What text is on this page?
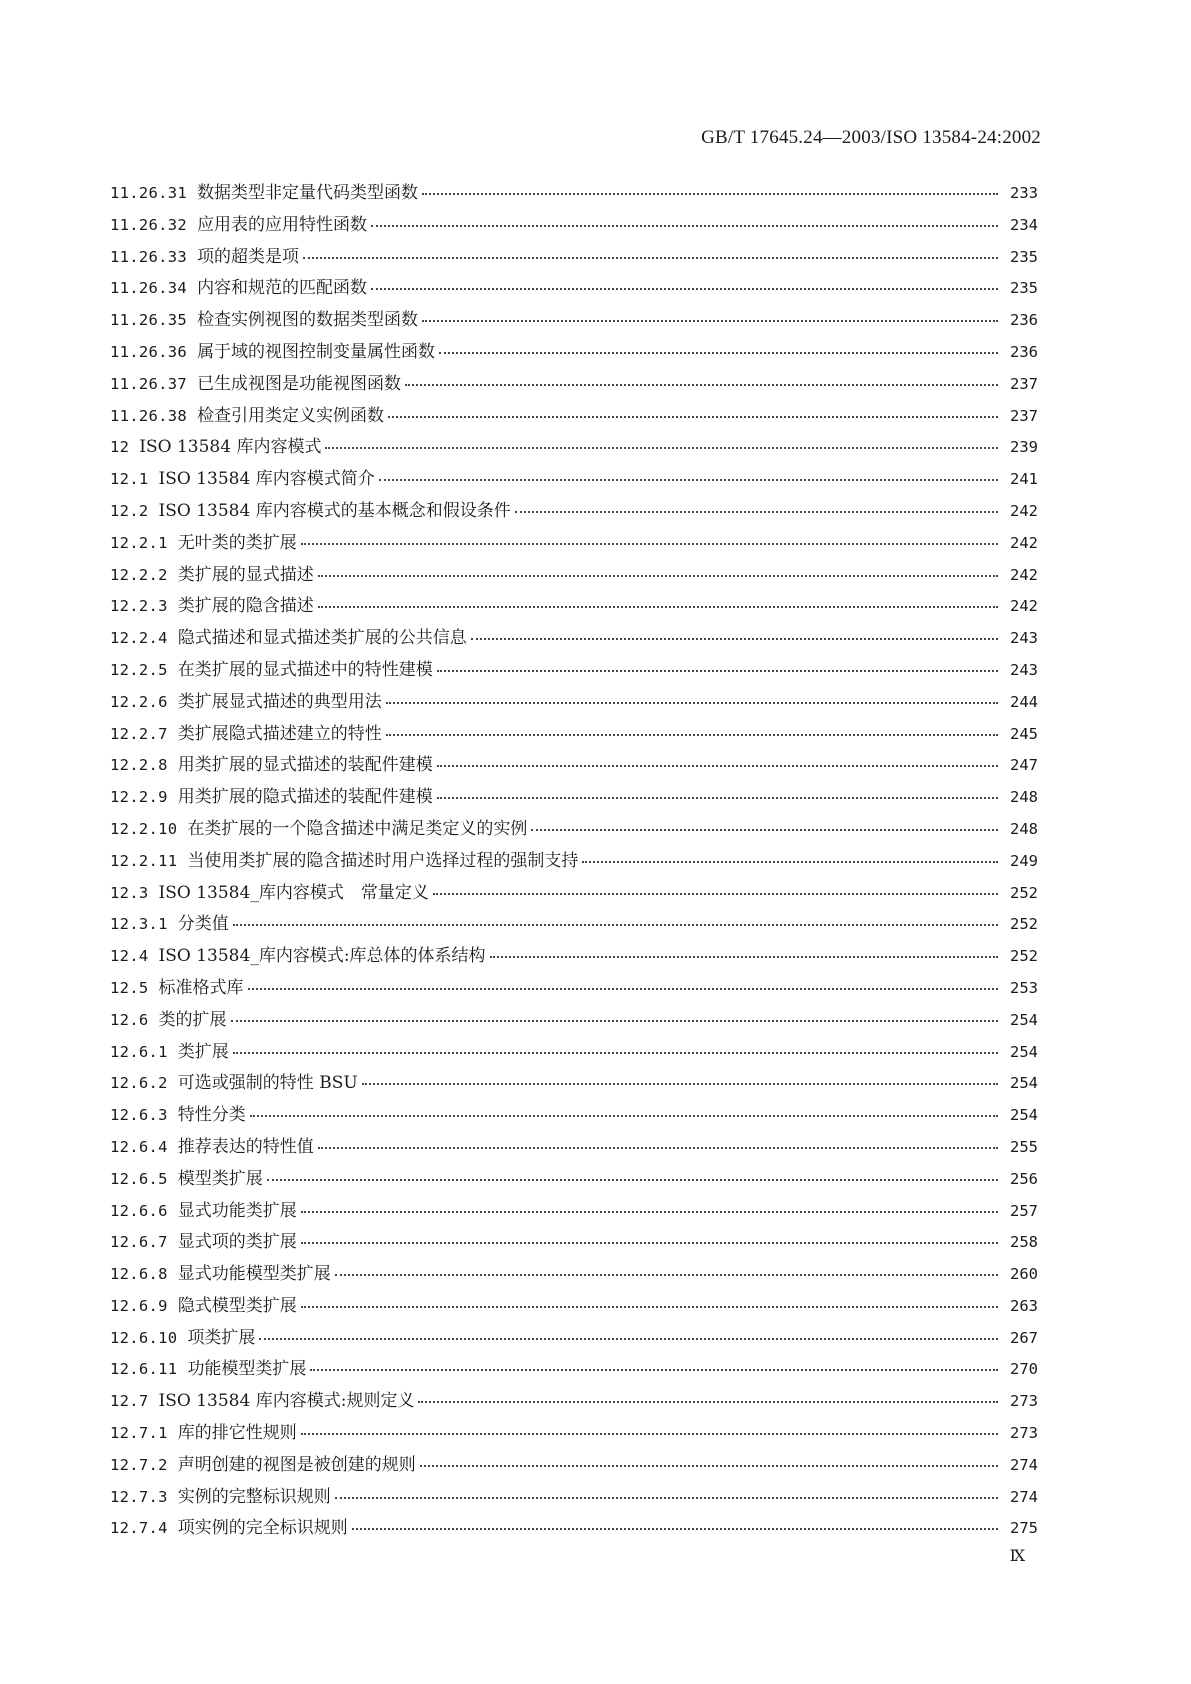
GB/T 17645.24—2003/ISO 13584-24:2002
11.26.31 数据类型非定量代码类型函数	233
11.26.32 应用表的应用特性函数	234
11.26.33 项的超类是项	235
11.26.34 内容和规范的匹配函数	235
11.26.35 检查实例视图的数据类型函数	236
11.26.36 属于域的视图控制变量属性函数	236
11.26.37 已生成视图是功能视图函数	237
11.26.38 检查引用类定义实例函数	237
12 ISO 13584 库内容模式	239
12.1 ISO 13584 库内容模式简介	241
12.2 ISO 13584 库内容模式的基本概念和假设条件	242
12.2.1 无叶类的类扩展	242
12.2.2 类扩展的显式描述	242
12.2.3 类扩展的隐含描述	242
12.2.4 隐式描述和显式描述类扩展的公共信息	243
12.2.5 在类扩展的显式描述中的特性建模	243
12.2.6 类扩展显式描述的典型用法	244
12.2.7 类扩展隐式描述建立的特性	245
12.2.8 用类扩展的显式描述的装配件建模	247
12.2.9 用类扩展的隐式描述的装配件建模	248
12.2.10 在类扩展的一个隐含描述中满足类定义的实例	248
12.2.11 当使用类扩展的隐含描述时用户选择过程的强制支持	249
12.3 ISO 13584_库内容模式　常量定义	252
12.3.1 分类值	252
12.4 ISO 13584_库内容模式:库总体的体系结构	252
12.5 标准格式库	253
12.6 类的扩展	254
12.6.1 类扩展	254
12.6.2 可选或强制的特性 BSU	254
12.6.3 特性分类	254
12.6.4 推荐表达的特性值	255
12.6.5 模型类扩展	256
12.6.6 显式功能类扩展	257
12.6.7 显式项的类扩展	258
12.6.8 显式功能模型类扩展	260
12.6.9 隐式模型类扩展	263
12.6.10 项类扩展	267
12.6.11 功能模型类扩展	270
12.7 ISO 13584 库内容模式:规则定义	273
12.7.1 库的排它性规则	273
12.7.2 声明创建的视图是被创建的规则	274
12.7.3 实例的完整标识规则	274
12.7.4 项实例的完全标识规则	275
Ⅸ
